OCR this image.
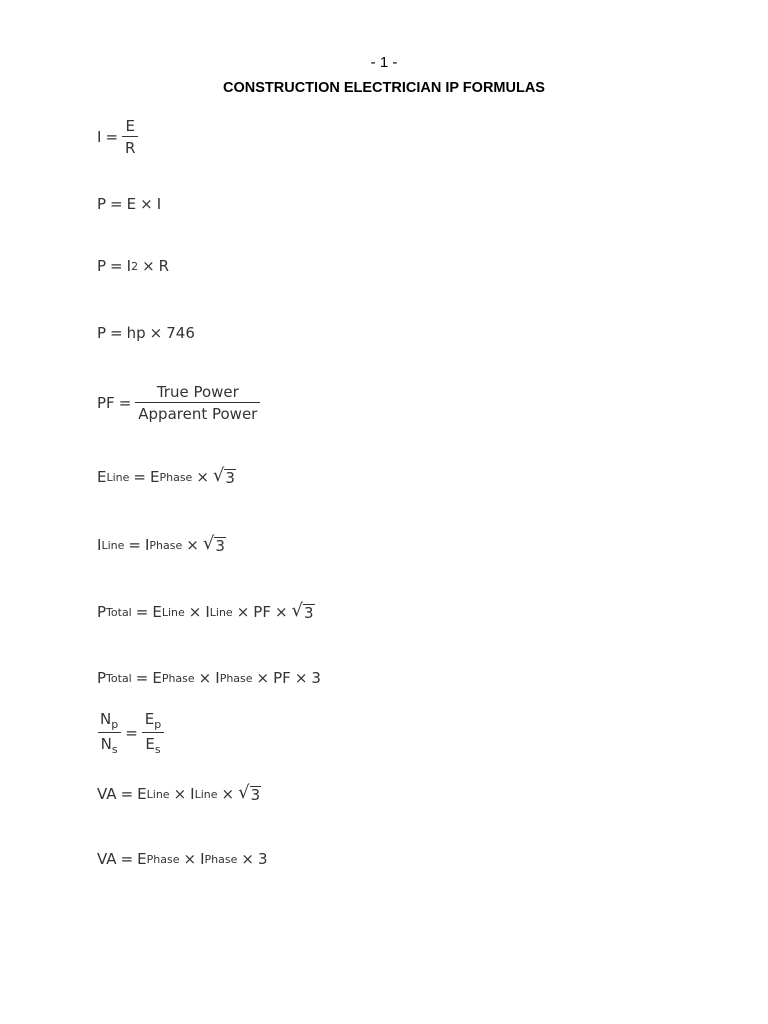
- 1 -
CONSTRUCTION ELECTRICIAN IP FORMULAS
$I = \frac{E}{R}$
P = E × I
P = I 2 × R
P = hp × 746
PF = $\frac{\text{True Power}}{\text{Apparent Power}}$
E Line = E Phase × √ 3
I Line = I Phase × √ 3
P Total = E Line × I Line × PF × √ 3
P Total = E Phase × I Phase × PF × 3
$\frac{N_p}{N_s} = \frac{E_p}{E_s}$
VA = E Line × I Line × √ 3
VA = E Phase × I Phase × 3
